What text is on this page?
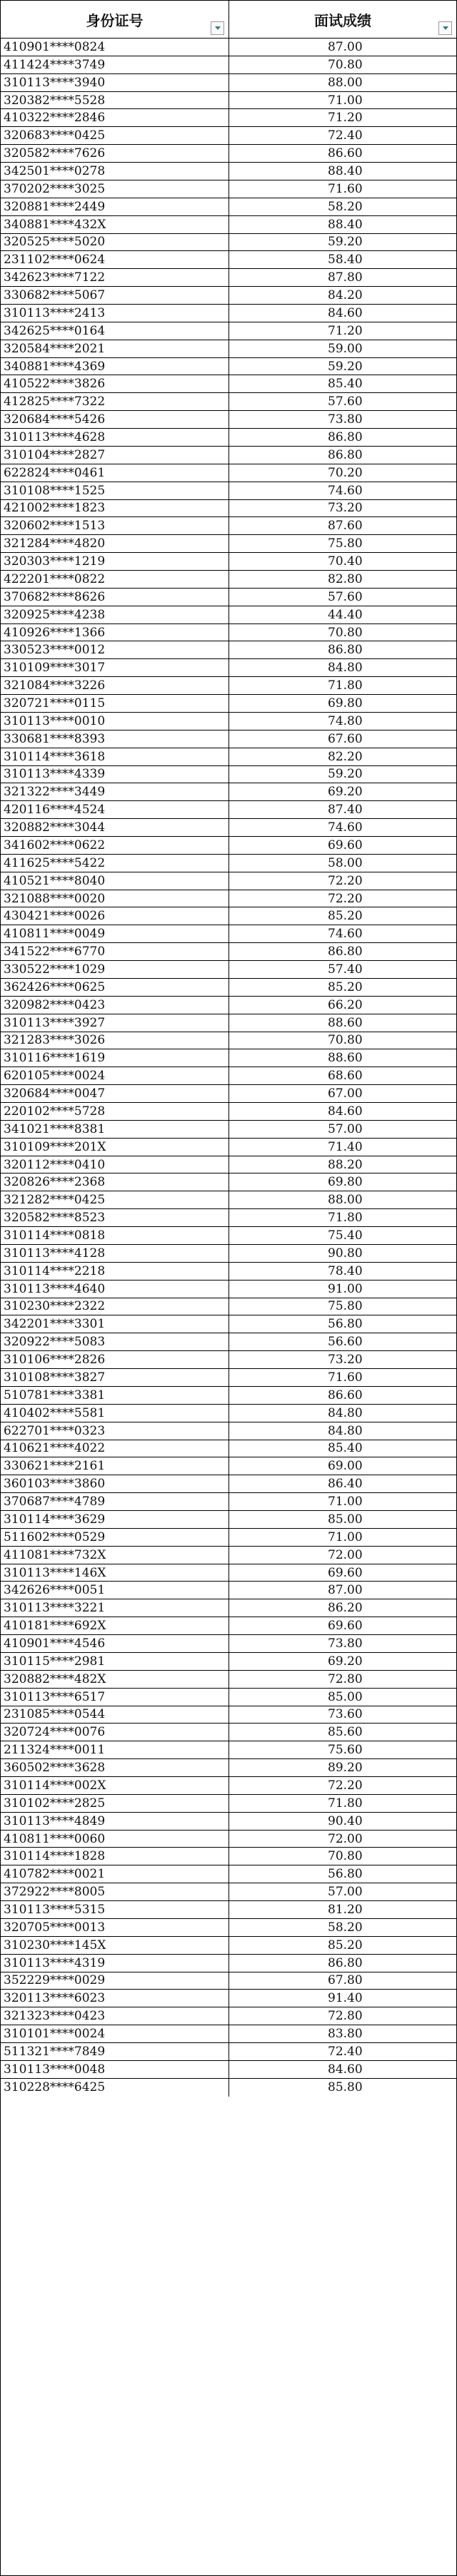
身份证号	面试成绩
410901****0824	87.00
411424****3749	70.80
310113****3940	88.00
320382****5528	71.00
410322****2846	71.20
320683****0425	72.40
320582****7626	86.60
342501****0278	88.40
370202****3025	71.60
320881****2449	58.20
340881****432X	88.40
320525****5020	59.20
231102****0624	58.40
342623****7122	87.80
330682****5067	84.20
310113****2413	84.60
342625****0164	71.20
320584****2021	59.00
340881****4369	59.20
410522****3826	85.40
412825****7322	57.60
320684****5426	73.80
310113****4628	86.80
310104****2827	86.80
622824****0461	70.20
310108****1525	74.60
421002****1823	73.20
320602****1513	87.60
321284****4820	75.80
320303****1219	70.40
422201****0822	82.80
370682****8626	57.60
320925****4238	44.40
410926****1366	70.80
330523****0012	86.80
310109****3017	84.80
321084****3226	71.80
320721****0115	69.80
310113****0010	74.80
330681****8393	67.60
310114****3618	82.20
310113****4339	59.20
321322****3449	69.20
420116****4524	87.40
320882****3044	74.60
341602****0622	69.60
411625****5422	58.00
410521****8040	72.20
321088****0020	72.20
430421****0026	85.20
410811****0049	74.60
341522****6770	86.80
330522****1029	57.40
362426****0625	85.20
320982****0423	66.20
310113****3927	88.60
321283****3026	70.80
310116****1619	88.60
620105****0024	68.60
320684****0047	67.00
220102****5728	84.60
341021****8381	57.00
310109****201X	71.40
320112****0410	88.20
320826****2368	69.80
321282****0425	88.00
320582****8523	71.80
310114****0818	75.40
310113****4128	90.80
310114****2218	78.40
310113****4640	91.00
310230****2322	75.80
342201****3301	56.80
320922****5083	56.60
310106****2826	73.20
310108****3827	71.60
510781****3381	86.60
410402****5581	84.80
622701****0323	84.80
410621****4022	85.40
330621****2161	69.00
360103****3860	86.40
370687****4789	71.00
310114****3629	85.00
511602****0529	71.00
411081****732X	72.00
310113****146X	69.60
342626****0051	87.00
310113****3221	86.20
410181****692X	69.60
410901****4546	73.80
310115****2981	69.20
320882****482X	72.80
310113****6517	85.00
231085****0544	73.60
320724****0076	85.60
211324****0011	75.60
360502****3628	89.20
310114****002X	72.20
310102****2825	71.80
310113****4849	90.40
410811****0060	72.00
310114****1828	70.80
410782****0021	56.80
372922****8005	57.00
310113****5315	81.20
320705****0013	58.20
310230****145X	85.20
310113****4319	86.80
352229****0029	67.80
320113****6023	91.40
321323****0423	72.80
310101****0024	83.80
511321****7849	72.40
310113****0048	84.60
310228****6425	85.80
